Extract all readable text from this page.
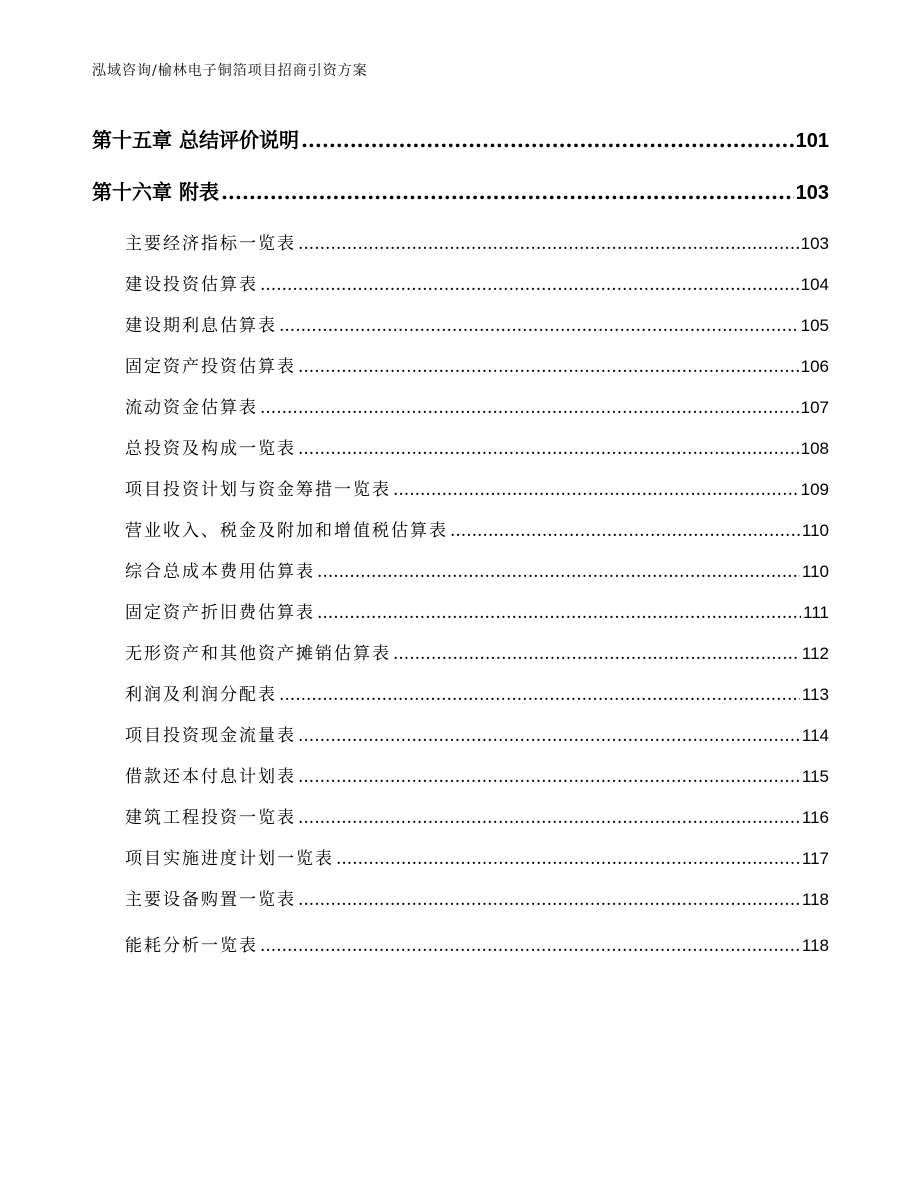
泓域咨询/榆林电子铜箔项目招商引资方案
第十五章 总结评价说明 .....	101
第十六章 附表 .....	103
主要经济指标一览表 .....	103
建设投资估算表 .....	104
建设期利息估算表 .....	105
固定资产投资估算表 .....	106
流动资金估算表 .....	107
总投资及构成一览表 .....	108
项目投资计划与资金筹措一览表 .....	109
营业收入、税金及附加和增值税估算表 .....	110
综合总成本费用估算表 .....	110
固定资产折旧费估算表 .....	111
无形资产和其他资产摊销估算表 .....	112
利润及利润分配表 .....	113
项目投资现金流量表 .....	114
借款还本付息计划表 .....	115
建筑工程投资一览表 .....	116
项目实施进度计划一览表 .....	117
主要设备购置一览表 .....	118
能耗分析一览表 .....	118
